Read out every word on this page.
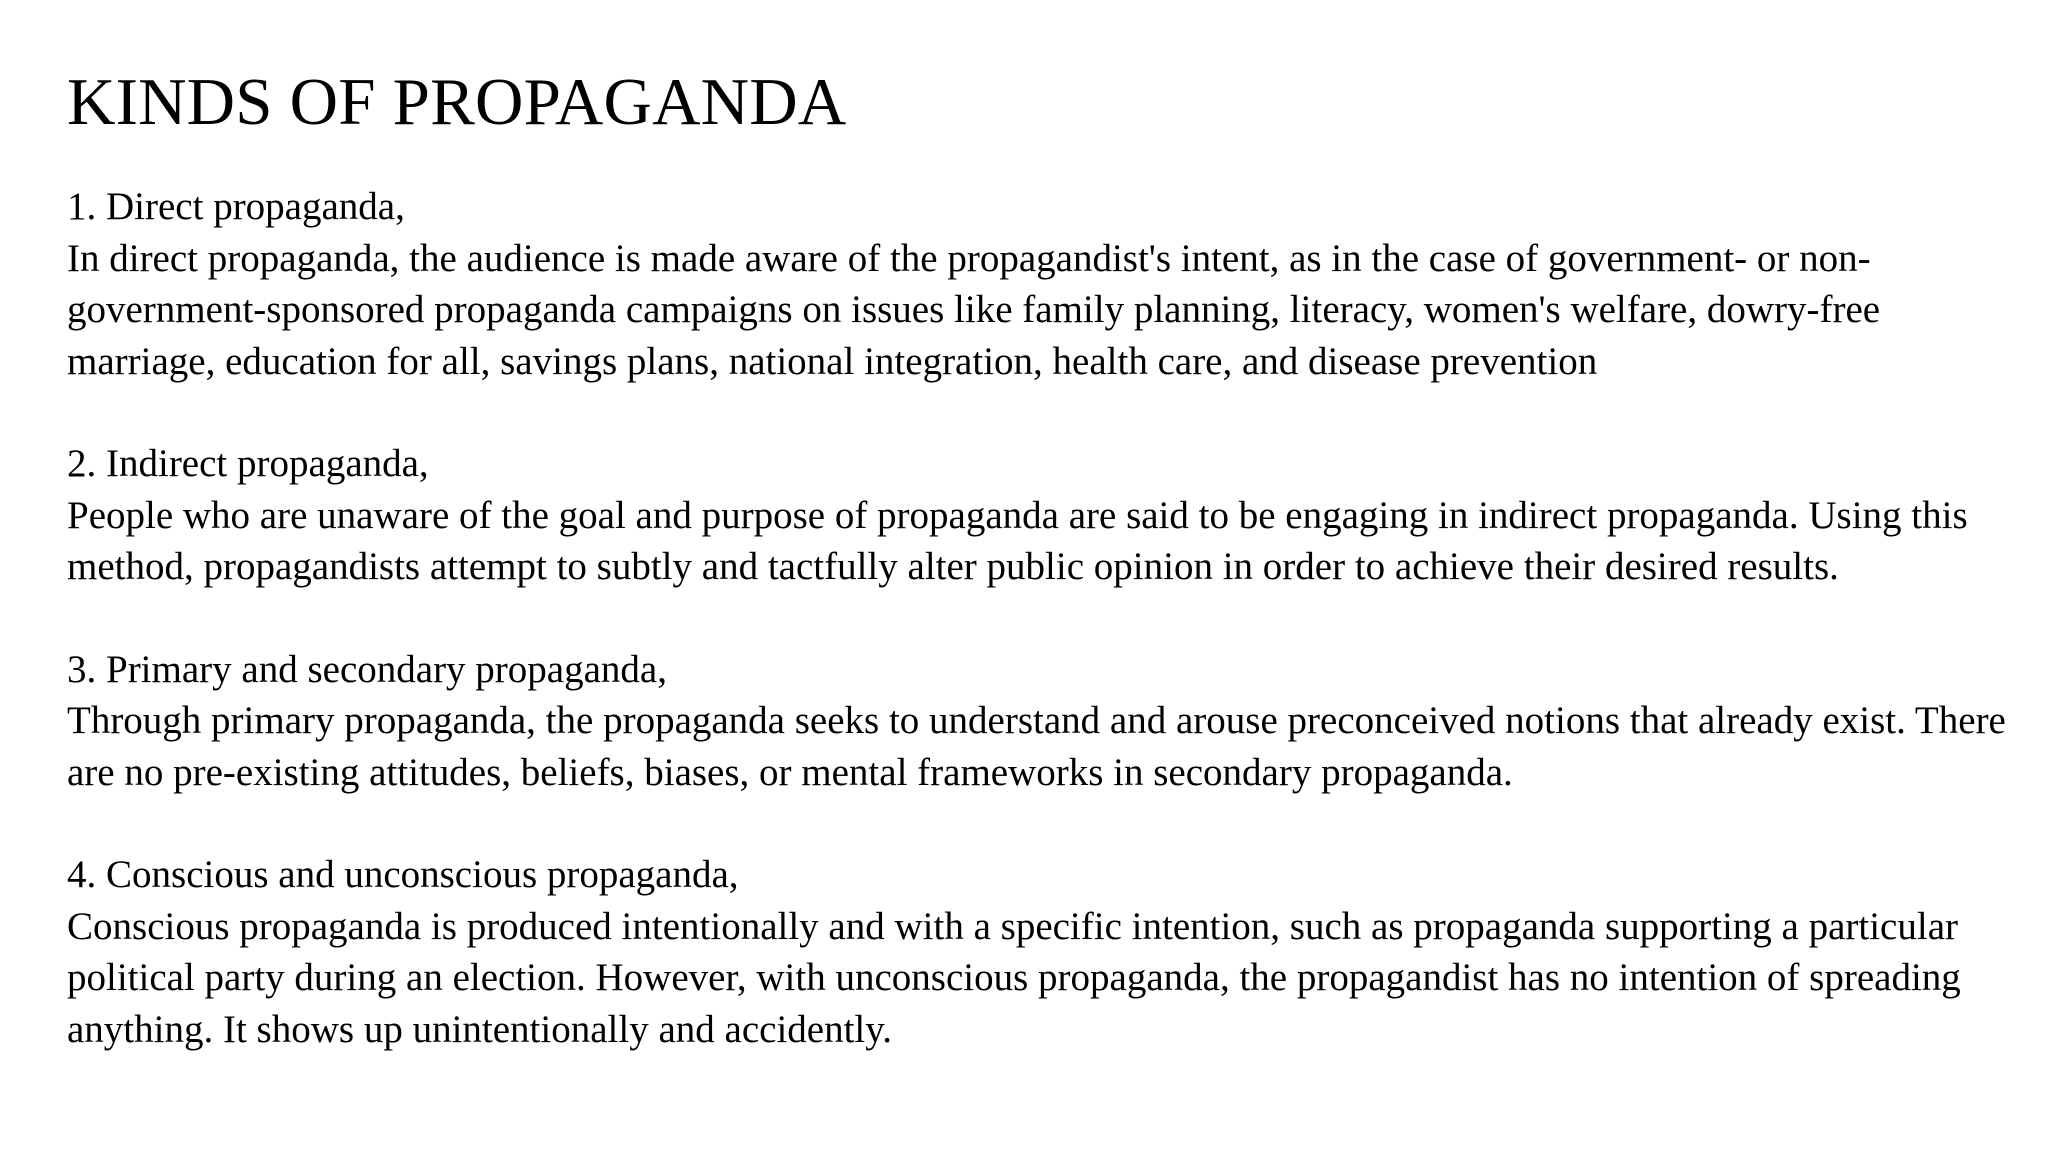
KINDS OF PROPAGANDA

1. Direct propaganda,

In direct propaganda, the audience is made aware of the propagandist's intent, as in the case of government- or non-government-sponsored propaganda campaigns on issues like family planning, literacy, women's welfare, dowry-free marriage, education for all, savings plans, national integration, health care, and disease prevention

2. Indirect propaganda,

People who are unaware of the goal and purpose of propaganda are said to be engaging in indirect propaganda. Using this method, propagandists attempt to subtly and tactfully alter public opinion in order to achieve their desired results.

3. Primary and secondary propaganda,

Through primary propaganda, the propaganda seeks to understand and arouse preconceived notions that already exist. There are no pre-existing attitudes, beliefs, biases, or mental frameworks in secondary propaganda.

4. Conscious and unconscious propaganda,

Conscious propaganda is produced intentionally and with a specific intention, such as propaganda supporting a particular political party during an election. However, with unconscious propaganda, the propagandist has no intention of spreading anything. It shows up unintentionally and accidently.
